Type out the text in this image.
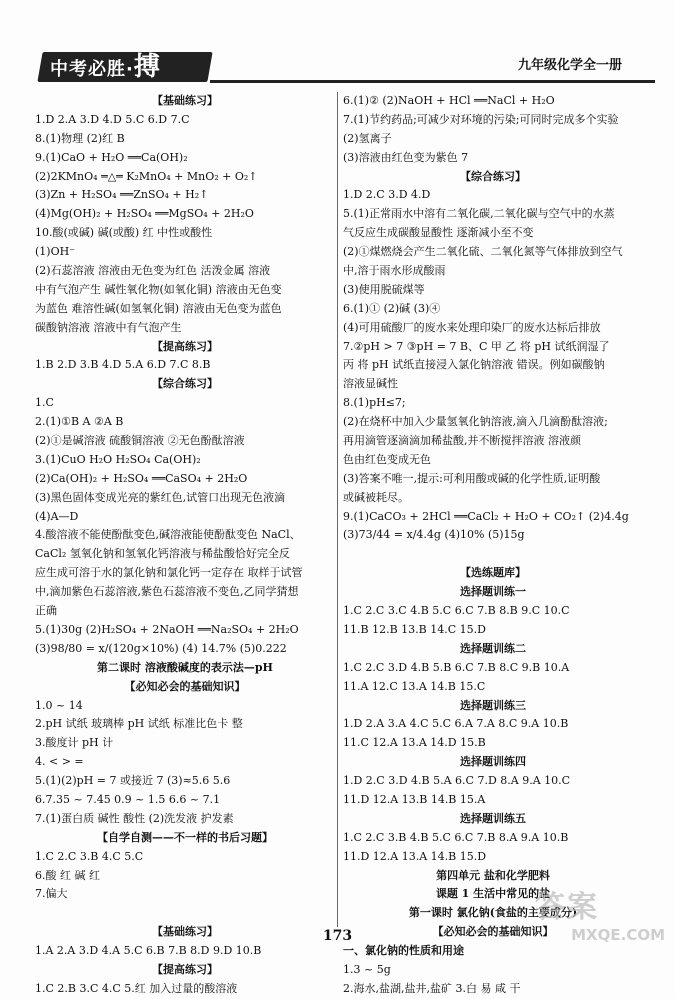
中考必胜·搏	九年级化学全一册
【基础练习】
1.D 2.A 3.D 4.D 5.C 6.D 7.C
8.(1)物理 (2)红 B
9.(1)CaO + H₂O ══Ca(OH)₂
(2)2KMnO₄ ═△═ K₂MnO₄ + MnO₂ + O₂↑
(3)Zn + H₂SO₄ ══ZnSO₄ + H₂↑
(4)Mg(OH)₂ + H₂SO₄ ══MgSO₄ + 2H₂O
10.酸(或碱) 碱(或酸) 红 中性或酸性
(1)OH⁻
(2)石蕊溶液 溶液由无色变为红色 活泼金属 溶液
中有气泡产生 碱性氧化物(如氧化铜) 溶液由无色变
为蓝色 难溶性碱(如氢氧化铜) 溶液由无色变为蓝色
碳酸钠溶液 溶液中有气泡产生
【提高练习】
1.B 2.D 3.B 4.D 5.A 6.D 7.C 8.B
【综合练习】
1.C
2.(1)①B A ②A B
(2)①是碱溶液 硫酸铜溶液 ②无色酚酞溶液
3.(1)CuO H₂O H₂SO₄ Ca(OH)₂
(2)Ca(OH)₂ + H₂SO₄ ══CaSO₄ + 2H₂O
(3)黑色固体变成光亮的紫红色,试管口出现无色液滴
(4)A—D
4.酸溶液不能使酚酞变色,碱溶液能使酚酞变色 NaCl、
CaCl₂ 氢氧化钠和氢氧化钙溶液与稀盐酸恰好完全反
应生成可溶于水的氯化钠和氯化钙一定存在 取样于试管
中,滴加紫色石蕊溶液,紫色石蕊溶液不变色,乙同学猜想
正确
5.(1)30g (2)H₂SO₄ + 2NaOH ══Na₂SO₄ + 2H₂O
(3)98/80 = x/(120g×10%) (4) 14.7% (5)0.222
第二课时 溶液酸碱度的表示法—pH
【必知必会的基础知识】
1.0 ~ 14
2.pH 试纸 玻璃棒 pH 试纸 标准比色卡 整
3.酸度计 pH 计
4. < > =
5.(1)(2)pH = 7 或接近 7 (3)≈5.6 5.6
6.7.35 ~ 7.45 0.9 ~ 1.5 6.6 ~ 7.1
7.(1)蛋白质 碱性 酸性 (2)洗发液 护发素
【自学自测——不一样的书后习题】
1.C 2.C 3.B 4.C 5.C
6.酸 红 碱 红
7.偏大
【基础练习】
1.A 2.A 3.D 4.A 5.C 6.B 7.B 8.D 9.D 10.B
【提高练习】
1.C 2.B 3.C 4.C 5.红 加入过量的酸溶液
6.(1)② (2)NaOH + HCl ══NaCl + H₂O
7.(1)节约药品;可减少对环境的污染;可同时完成多个实验
(2)氢离子
(3)溶液由红色变为紫色 7
【综合练习】
1.D 2.C 3.D 4.D
5.(1)正常雨水中溶有二氧化碳,二氧化碳与空气中的水蒸
气反应生成碳酸显酸性 逐渐减小至不变
(2)①煤燃烧会产生二氧化硫、二氧化氮等气体排放到空气
中,溶于雨水形成酸雨
(3)使用脱硫煤等
6.(1)① (2)碱 (3)④
(4)可用硫酸厂的废水来处理印染厂的废水达标后排放
7.②pH > 7 ③pH = 7 B、C 甲 乙 将 pH 试纸润湿了
丙 将 pH 试纸直接浸入氯化钠溶液 错误。例如碳酸钠
溶液显碱性
8.(1)pH≤7;
(2)在烧杯中加入少量氢氧化钠溶液,滴入几滴酚酞溶液;
再用滴管逐滴滴加稀盐酸,并不断搅拌溶液 溶液颜
色由红色变成无色
(3)答案不唯一,提示:可利用酸或碱的化学性质,证明酸
或碱被耗尽。
9.(1)CaCO₃ + 2HCl ══CaCl₂ + H₂O + CO₂↑ (2)4.4g
(3)73/44 = x/4.4g (4)10% (5)15g
【选练题库】
选择题训练一
1.C 2.C 3.C 4.B 5.C 6.C 7.B 8.B 9.C 10.C
11.B 12.B 13.B 14.C 15.D
选择题训练二
1.C 2.C 3.D 4.B 5.B 6.C 7.B 8.C 9.B 10.A
11.A 12.C 13.A 14.B 15.C
选择题训练三
1.D 2.A 3.A 4.C 5.C 6.A 7.A 8.C 9.A 10.B
11.C 12.A 13.A 14.D 15.B
选择题训练四
1.D 2.C 3.D 4.B 5.A 6.C 7.D 8.A 9.A 10.C
11.D 12.A 13.B 14.B 15.A
选择题训练五
1.C 2.C 3.B 4.B 5.C 6.C 7.B 8.A 9.A 10.B
11.D 12.A 13.A 14.B 15.D
第四单元 盐和化学肥料
课题 1 生活中常见的盐
第一课时 氯化钠(食盐的主要成分)
【必知必会的基础知识】
一、氯化钠的性质和用途
1.3 ~ 5g
2.海水,盐湖,盐井,盐矿 3.白 易 咸 干
答案
MXQE.COM
173
